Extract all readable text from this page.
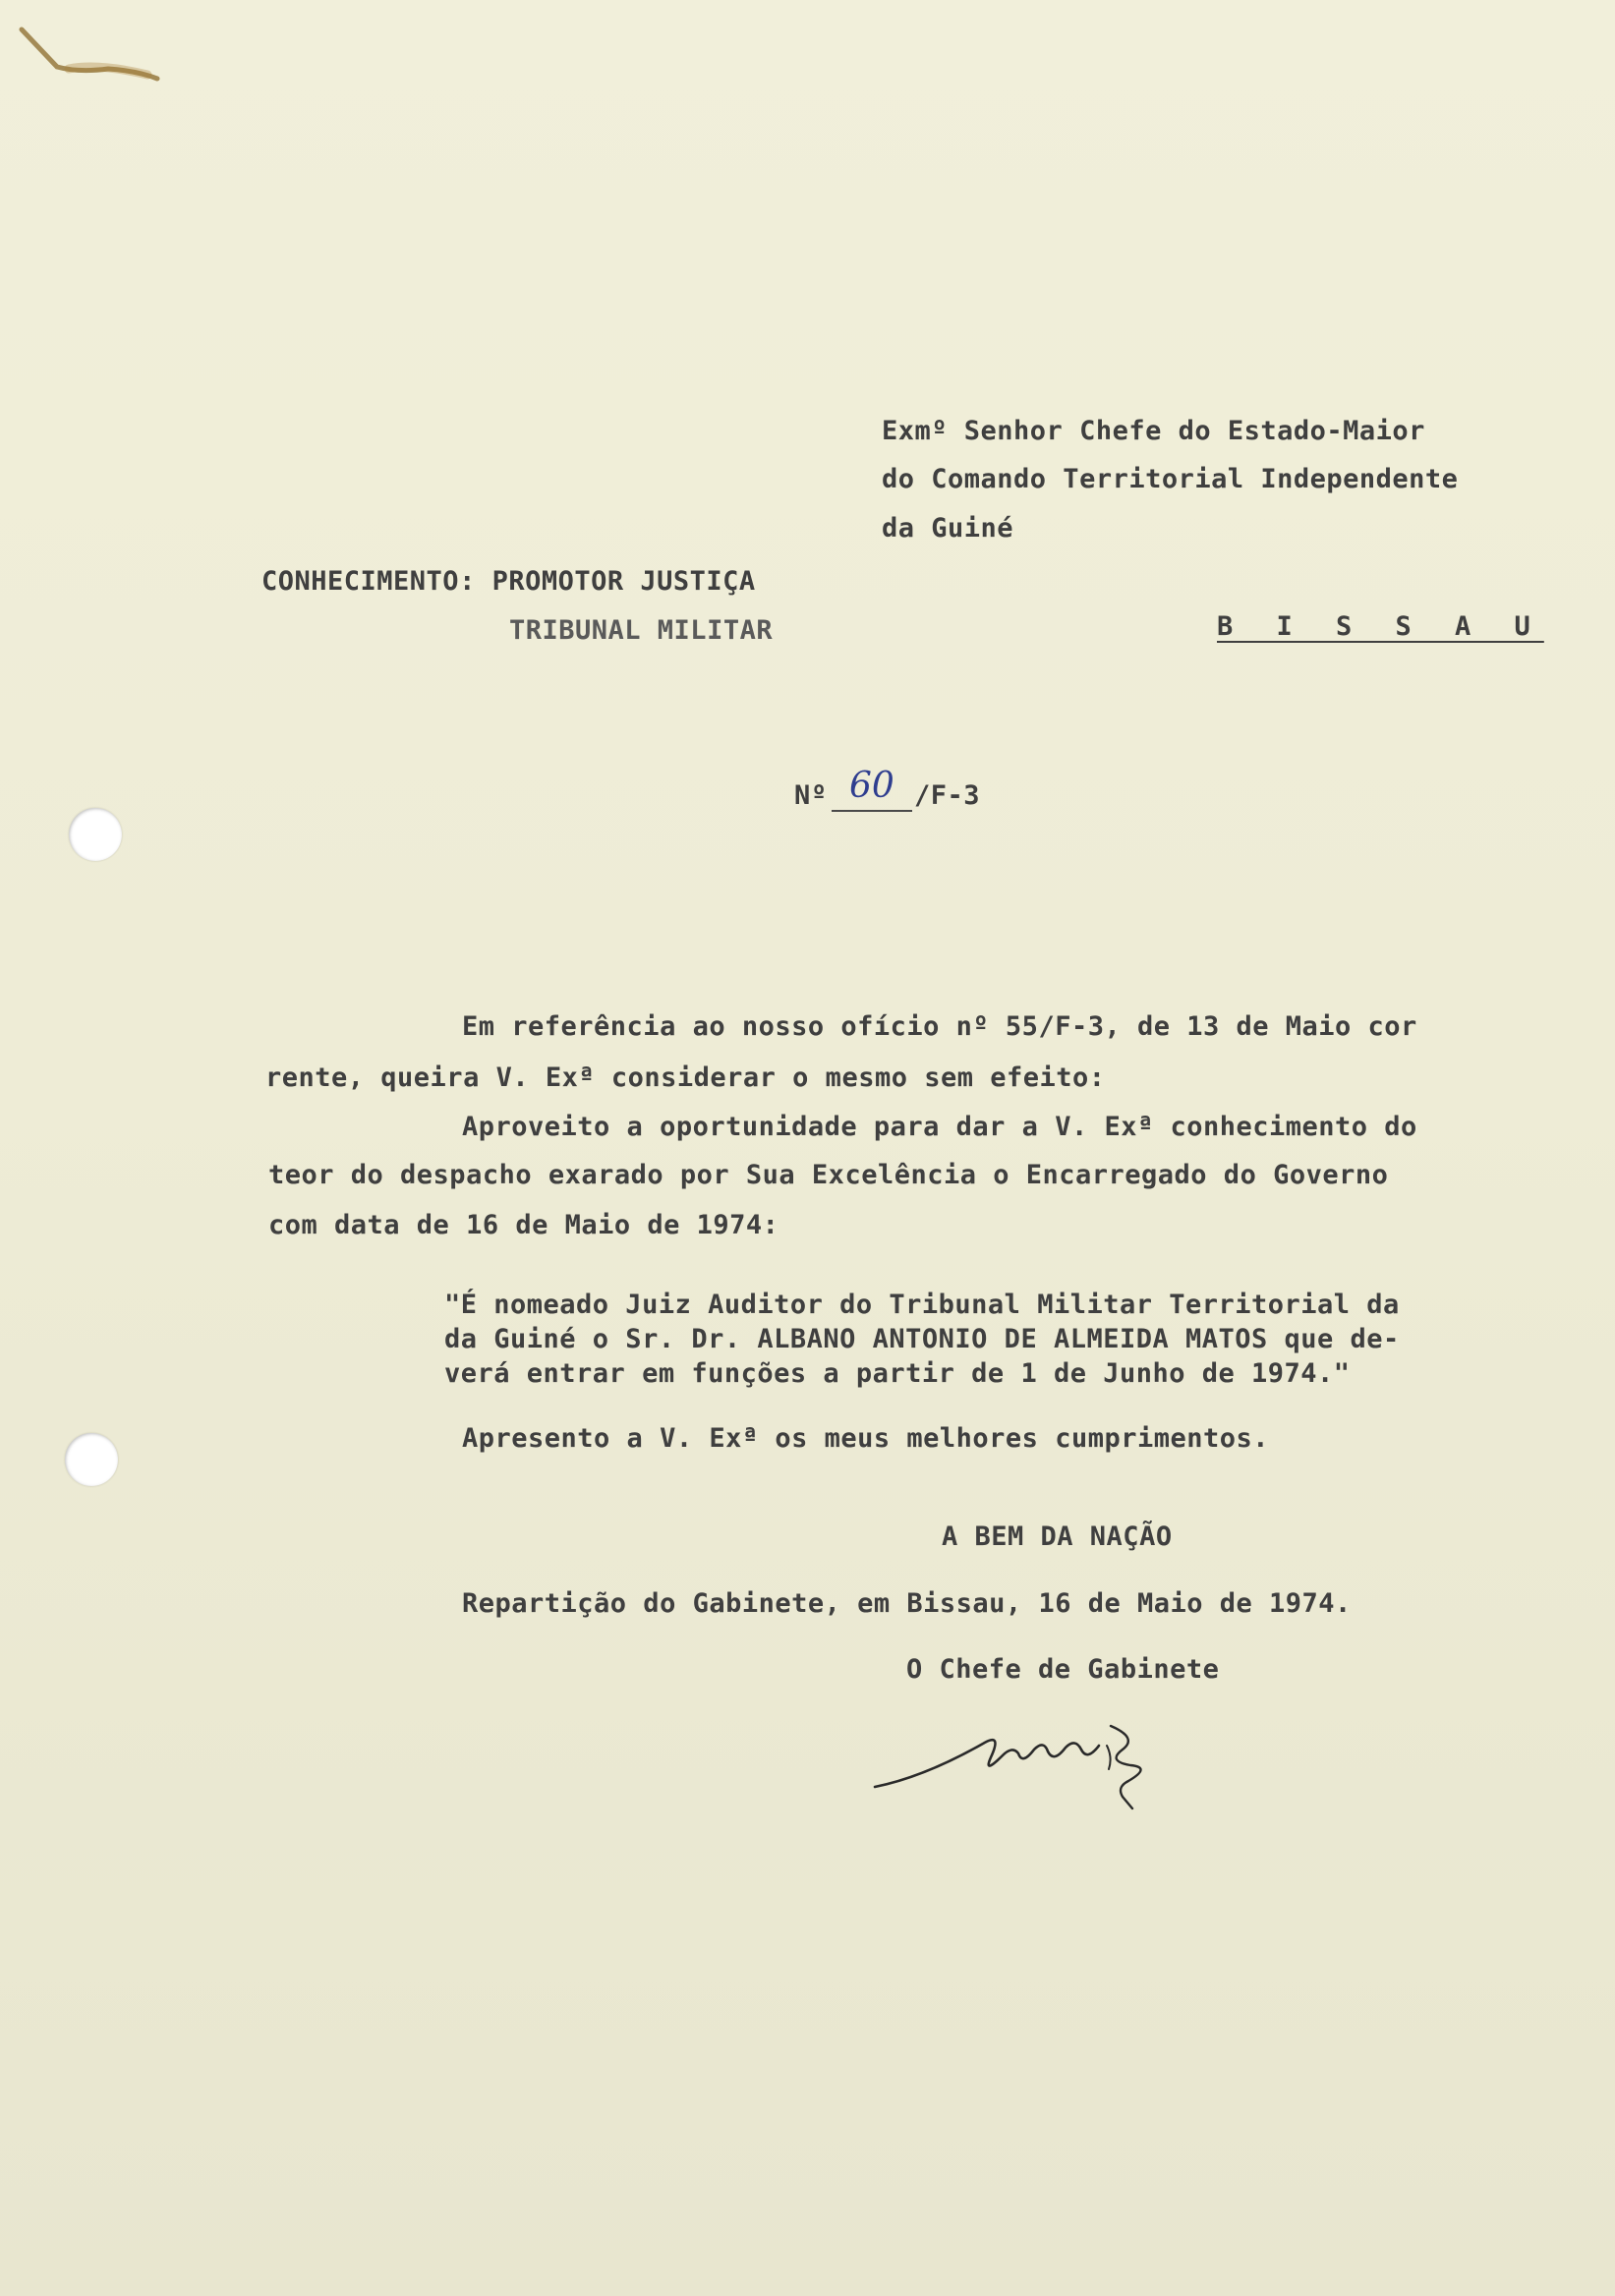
Exmº Senhor Chefe do Estado-Maior
do Comando Territorial Independente
da Guiné
CONHECIMENTO: PROMOTOR JUSTIÇA
TRIBUNAL MILITAR	B I S S A U
Nº 60 /F-3
Em referência ao nosso ofício nº 55/F-3, de 13 de Maio cor
rente, queira V. Exª considerar o mesmo sem efeito:
Aproveito a oportunidade para dar a V. Exª conhecimento do
teor do despacho exarado por Sua Excelência o Encarregado do Governo
com data de 16 de Maio de 1974:
"É nomeado Juiz Auditor do Tribunal Militar Territorial da
da Guiné o Sr. Dr. ALBANO ANTONIO DE ALMEIDA MATOS que de-
verá entrar em funções a partir de 1 de Junho de 1974."
Apresento a V. Exª os meus melhores cumprimentos.
A BEM DA NAÇÃO
Repartição do Gabinete, em Bissau, 16 de Maio de 1974.
O Chefe de Gabinete
